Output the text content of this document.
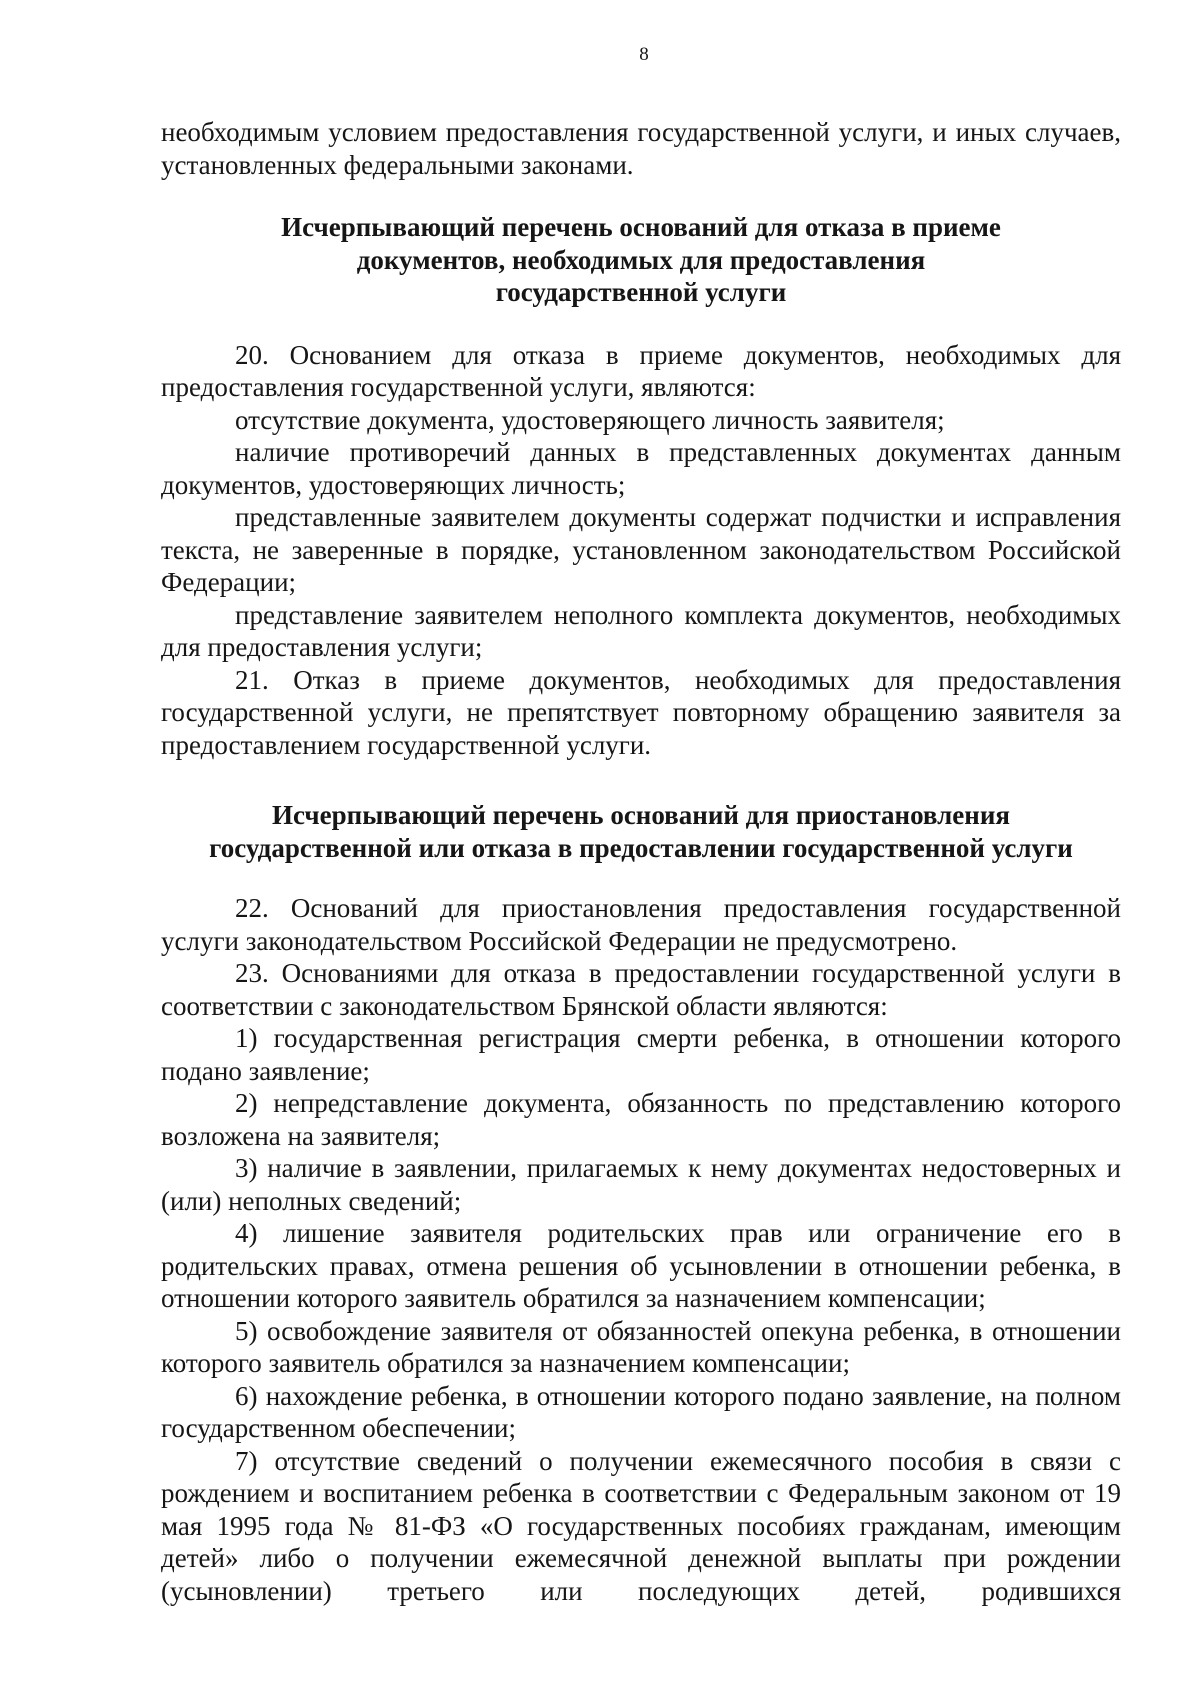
8

необходимым условием предоставления государственной услуги, и иных случаев, установленных федеральными законами.

Исчерпывающий перечень оснований для отказа в приеме
документов, необходимых для предоставления
государственной услуги

20. Основанием для отказа в приеме документов, необходимых для предоставления государственной услуги, являются:

отсутствие документа, удостоверяющего личность заявителя;

наличие противоречий данных в представленных документах данным документов, удостоверяющих личность;

представленные заявителем документы содержат подчистки и исправления текста, не заверенные в порядке, установленном законодательством Российской Федерации;

представление заявителем неполного комплекта документов, необходимых для предоставления услуги;

21. Отказ в приеме документов, необходимых для предоставления государственной услуги, не препятствует повторному обращению заявителя за предоставлением государственной услуги.

Исчерпывающий перечень оснований для приостановления
государственной или отказа в предоставлении государственной услуги

22. Оснований для приостановления предоставления государственной услуги законодательством Российской Федерации не предусмотрено.

23. Основаниями для отказа в предоставлении государственной услуги в соответствии с законодательством Брянской области являются:

1) государственная регистрация смерти ребенка, в отношении которого подано заявление;

2) непредставление документа, обязанность по представлению которого возложена на заявителя;

3) наличие в заявлении, прилагаемых к нему документах недостоверных и (или) неполных сведений;

4) лишение заявителя родительских прав или ограничение его в родительских правах, отмена решения об усыновлении в отношении ребенка, в отношении которого заявитель обратился за назначением компенсации;

5) освобождение заявителя от обязанностей опекуна ребенка, в отношении которого заявитель обратился за назначением компенсации;

6) нахождение ребенка, в отношении которого подано заявление, на полном государственном обеспечении;

7) отсутствие сведений о получении ежемесячного пособия в связи с рождением и воспитанием ребенка в соответствии с Федеральным законом от 19 мая 1995 года № 81-ФЗ «О государственных пособиях гражданам, имеющим детей» либо о получении ежемесячной денежной выплаты при рождении (усыновлении) третьего или последующих детей, родившихся
